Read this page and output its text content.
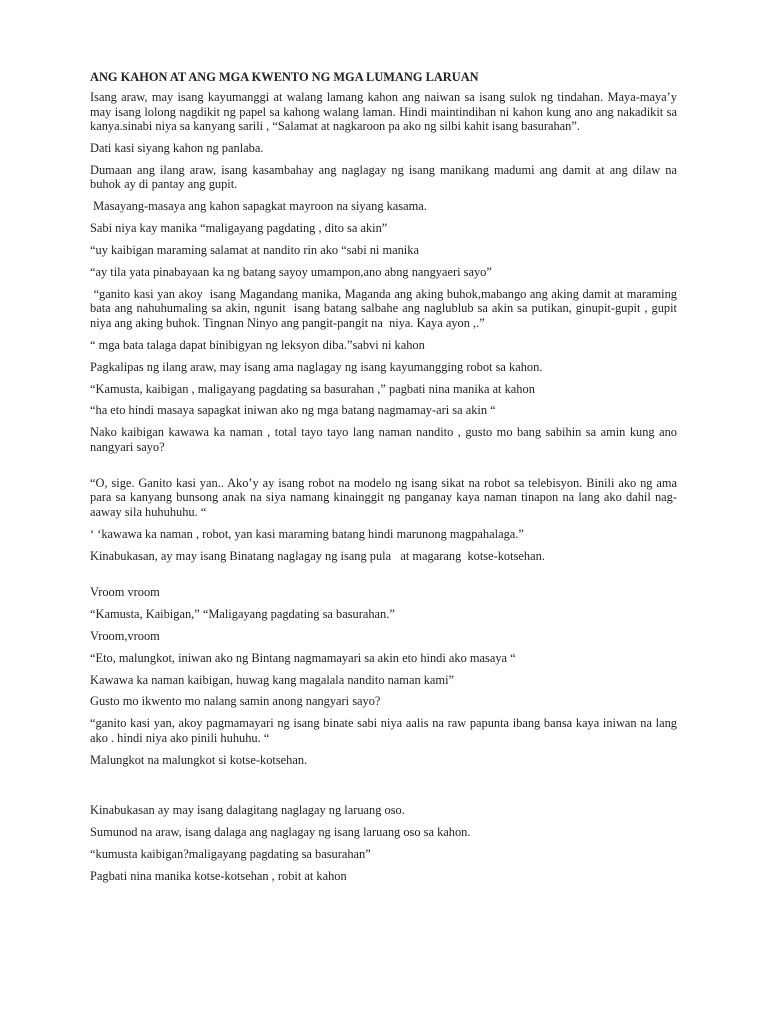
ANG KAHON AT ANG MGA KWENTO NG MGA LUMANG LARUAN

Isang araw, may isang kayumanggi at walang lamang kahon ang naiwan sa isang sulok ng tindahan. Maya-maya’y may isang lolong nagdikit ng papel sa kahong walang laman. Hindi maintindihan ni kahon kung ano ang nakadikit sa kanya.sinabi niya sa kanyang sarili , “Salamat at nagkaroon pa ako ng silbi kahit isang basurahan”.

Dati kasi siyang kahon ng panlaba.

Dumaan ang ilang araw, isang kasambahay ang naglagay ng isang manikang madumi ang damit at ang dilaw na buhok ay di pantay ang gupit.

Masayang-masaya ang kahon sapagkat mayroon na siyang kasama.

Sabi niya kay manika “maligayang pagdating , dito sa akin”

“uy kaibigan maraming salamat at nandito rin ako “sabi ni manika

“ay tila yata pinabayaan ka ng batang sayoy umampon,ano abng nangyaeri sayo”

“ganito kasi yan akoy  isang Magandang manika, Maganda ang aking buhok,mabango ang aking damit at maraming bata ang nahuhumaling sa akin, ngunit  isang batang salbahe ang naglublub sa akin sa putikan, ginupit-gupit , gupit niya ang aking buhok. Tingnan Ninyo ang pangit-pangit na  niya. Kaya ayon ,.”

“ mga bata talaga dapat binibigyan ng leksyon diba.”sabvi ni kahon

Pagkalipas ng ilang araw, may isang ama naglagay ng isang kayumangging robot sa kahon.

“Kamusta, kaibigan , maligayang pagdating sa basurahan ,” pagbati nina manika at kahon

“ha eto hindi masaya sapagkat iniwan ako ng mga batang nagmamay-ari sa akin “

Nako kaibigan kawawa ka naman , total tayo tayo lang naman nandito , gusto mo bang sabihin sa amin kung ano nangyari sayo?

“O, sige. Ganito kasi yan.. Ako’y ay isang robot na modelo ng isang sikat na robot sa telebisyon. Binili ako ng ama para sa kanyang bunsong anak na siya namang kinainggit ng panganay kaya naman tinapon na lang ako dahil nag-aaway sila huhuhuhu. “

‘ ‘kawawa ka naman , robot, yan kasi maraming batang hindi marunong magpahalaga.”

Kinabukasan, ay may isang Binatang naglagay ng isang pula   at magarang  kotse-kotsehan.

Vroom vroom

“Kamusta, Kaibigan,” “Maligayang pagdating sa basurahan.”

Vroom,vroom

“Eto, malungkot, iniwan ako ng Bintang nagmamayari sa akin eto hindi ako masaya “

Kawawa ka naman kaibigan, huwag kang magalala nandito naman kami”

Gusto mo ikwento mo nalang samin anong nangyari sayo?

“ganito kasi yan, akoy pagmamayari ng isang binate sabi niya aalis na raw papunta ibang bansa kaya iniwan na lang ako . hindi niya ako pinili huhuhu. “

Malungkot na malungkot si kotse-kotsehan.

Kinabukasan ay may isang dalagitang naglagay ng laruang oso.

Sumunod na araw, isang dalaga ang naglagay ng isang laruang oso sa kahon.

“kumusta kaibigan?maligayang pagdating sa basurahan”

Pagbati nina manika kotse-kotsehan , robit at kahon
